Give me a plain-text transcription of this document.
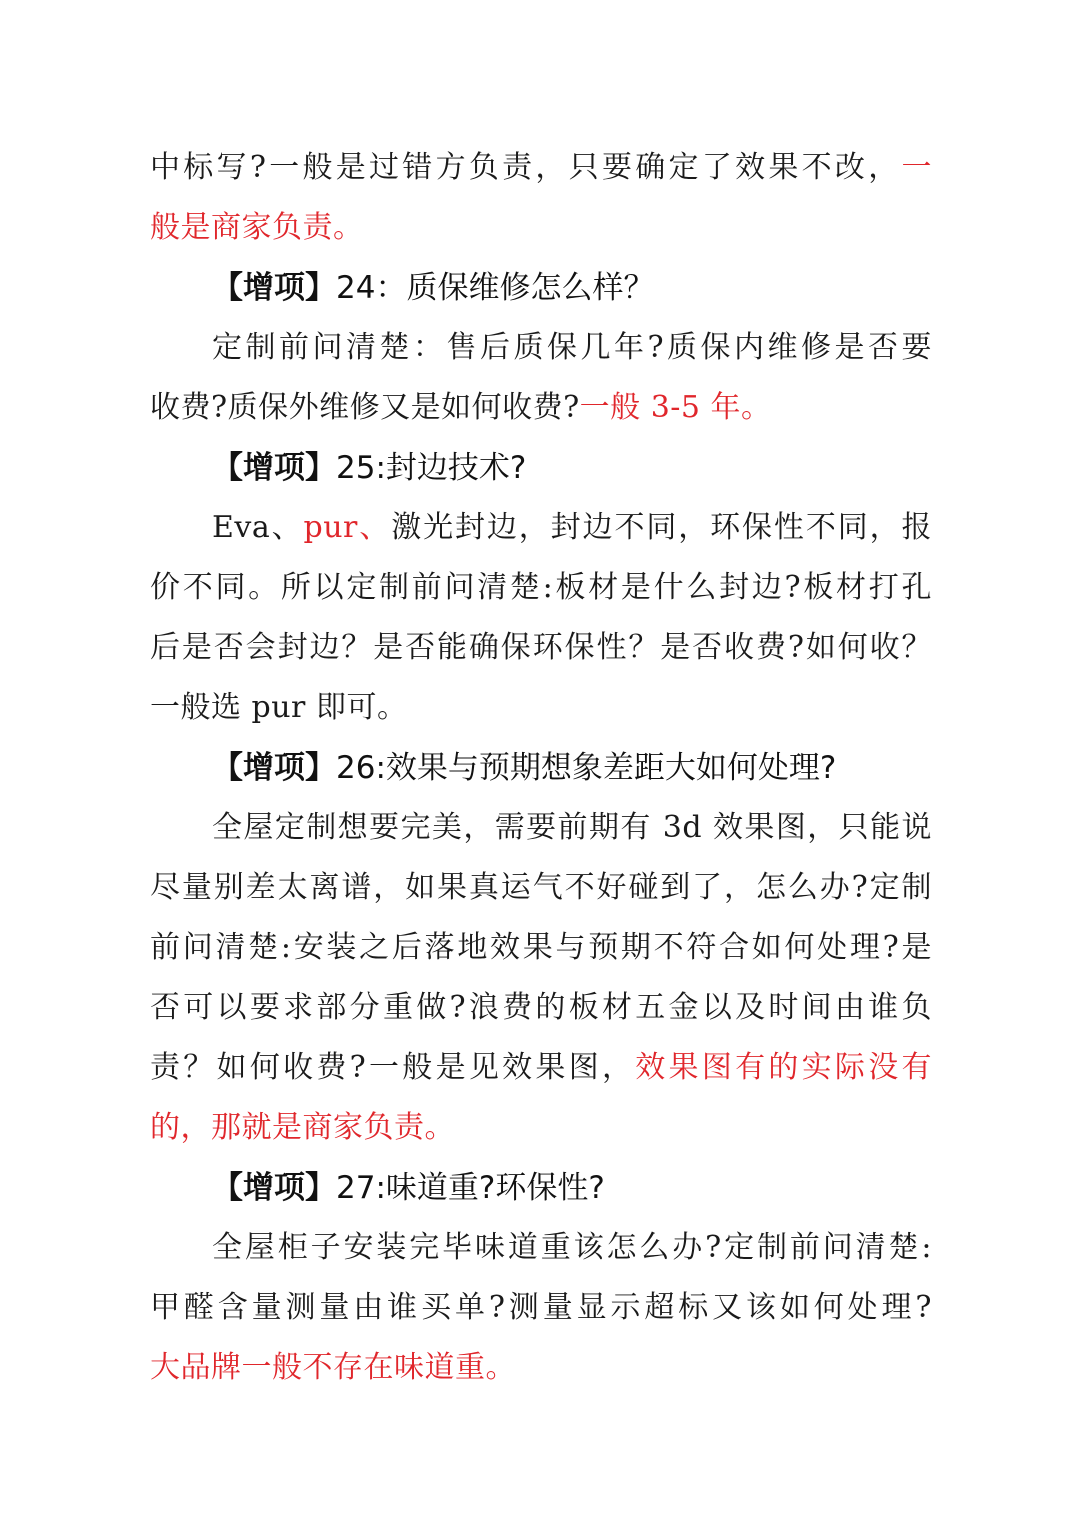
中标写?一般是过错方负责，只要确定了效果不改，一
般是商家负责。
【增项】24：质保维修怎么样？
定制前问清楚：售后质保几年?质保内维修是否要
收费?质保外维修又是如何收费?一般 3-5 年。
【增项】25:封边技术?
Eva、pur、激光封边，封边不同，环保性不同，报
价不同。所以定制前问清楚:板材是什么封边?板材打孔
后是否会封边？是否能确保环保性？是否收费?如何收？
一般选 pur 即可。
【增项】26:效果与预期想象差距大如何处理?
全屋定制想要完美，需要前期有 3d 效果图，只能说
尽量别差太离谱，如果真运气不好碰到了，怎么办?定制
前问清楚:安装之后落地效果与预期不符合如何处理?是
否可以要求部分重做?浪费的板材五金以及时间由谁负
责？如何收费?一般是见效果图，效果图有的实际没有
的，那就是商家负责。
【增项】27:味道重?环保性?
全屋柜子安装完毕味道重该怎么办?定制前问清楚:
甲醛含量测量由谁买单?测量显示超标又该如何处理?
大品牌一般不存在味道重。
